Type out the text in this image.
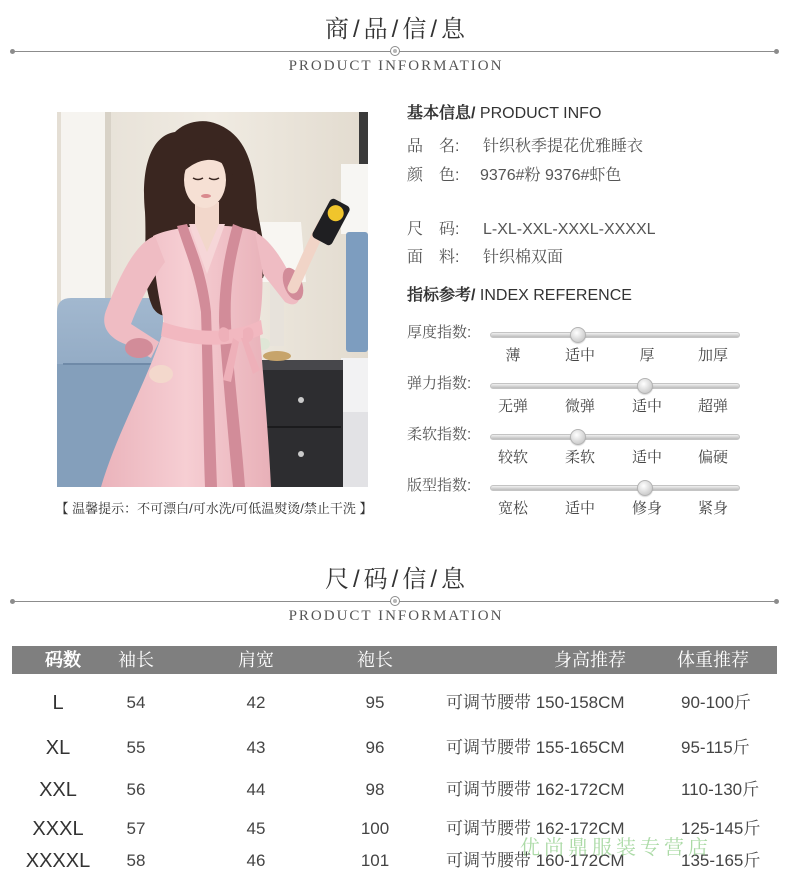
商/品/信/息
PRODUCT INFORMATION
【 温馨提示：不可漂白/可水洗/可低温熨烫/禁止干洗 】
基本信息/ PRODUCT INFO
品　名: 针织秋季提花优雅睡衣
颜　色: 9376#粉 9376#虾色
尺　码: L-XL-XXL-XXXL-XXXXL
面　料: 针织棉双面
指标参考/ INDEX REFERENCE
厚度指数:
薄	适中	厚	加厚
弹力指数:
无弹	微弹	适中	超弹
柔软指数:
较软	柔软	适中	偏硬
版型指数:
宽松	适中	修身	紧身
尺/码/信/息
PRODUCT INFORMATION
码数	袖长	肩宽	袍长	身高推荐	体重推荐
L	54	42	95	可调节腰带 150-158CM	90-100斤
XL	55	43	96	可调节腰带 155-165CM	95-115斤
XXL	56	44	98	可调节腰带 162-172CM	110-130斤
XXXL	57	45	100	可调节腰带 162-172CM	125-145斤
XXXXL	58	46	101	可调节腰带 160-172CM	135-165斤
优尚鼎服装专营店
